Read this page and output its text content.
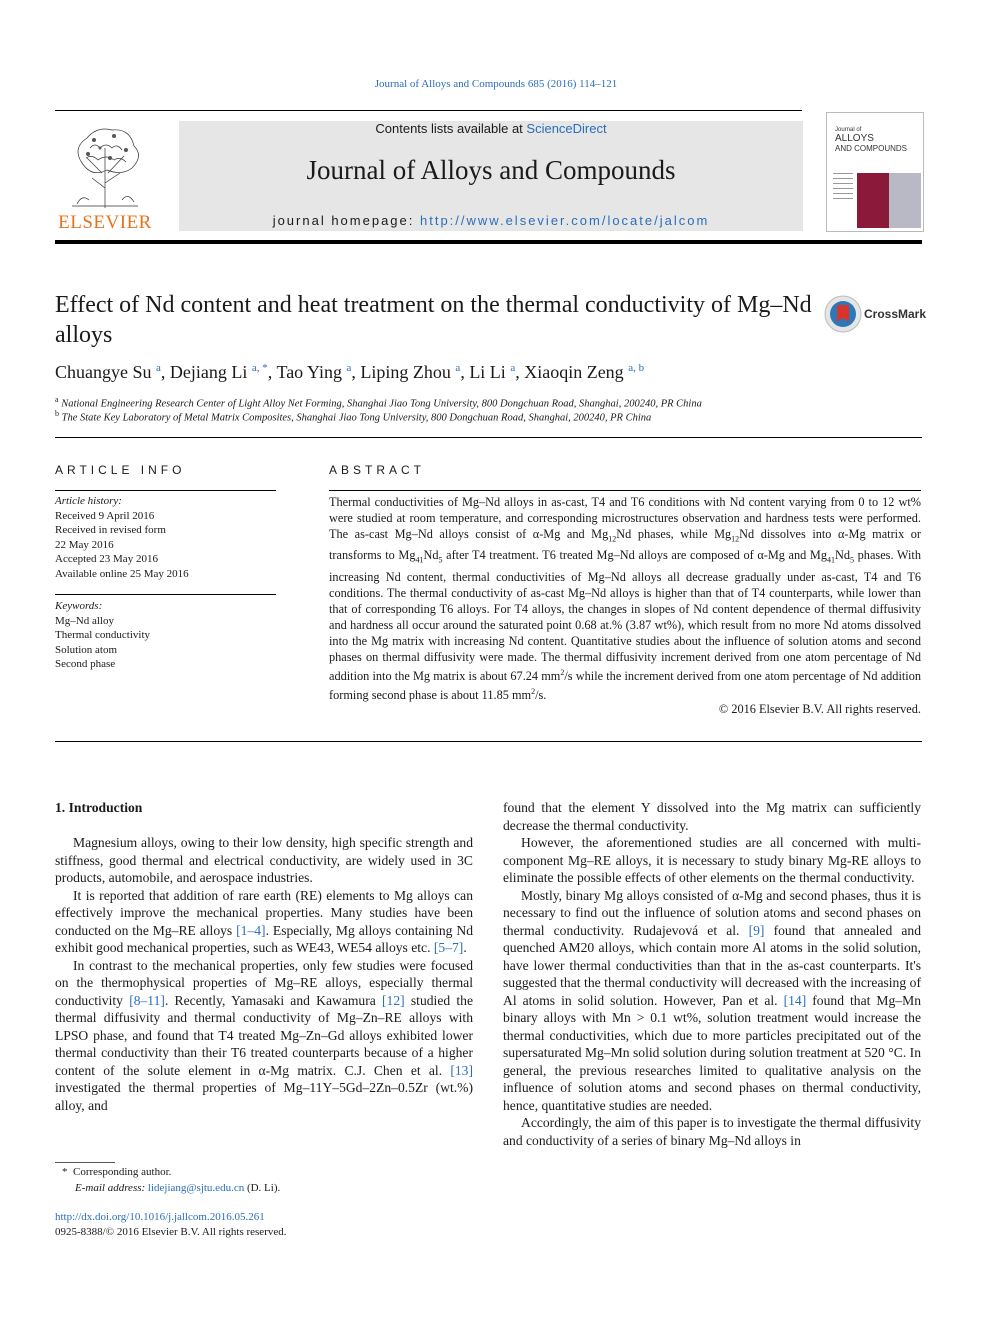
Journal of Alloys and Compounds 685 (2016) 114–121
ELSEVIER
Contents lists available at ScienceDirect
Journal of Alloys and Compounds
journal homepage: http://www.elsevier.com/locate/jalcom
Journal of
ALLOYS
AND COMPOUNDS
Effect of Nd content and heat treatment on the thermal conductivity of Mg–Nd alloys
CrossMark
Chuangye Su $^a$, Dejiang Li $^{a, *}$, Tao Ying $^a$, Liping Zhou $^a$, Li Li $^a$, Xiaoqin Zeng $^{a, b}$
$^a$ National Engineering Research Center of Light Alloy Net Forming, Shanghai Jiao Tong University, 800 Dongchuan Road, Shanghai, 200240, PR China
$^b$ The State Key Laboratory of Metal Matrix Composites, Shanghai Jiao Tong University, 800 Dongchuan Road, Shanghai, 200240, PR China
ARTICLE INFO
Article history:
Received 9 April 2016
Received in revised form
22 May 2016
Accepted 23 May 2016
Available online 25 May 2016
Keywords:
Mg–Nd alloy
Thermal conductivity
Solution atom
Second phase
ABSTRACT
Thermal conductivities of Mg–Nd alloys in as-cast, T4 and T6 conditions with Nd content varying from 0 to 12 wt% were studied at room temperature, and corresponding microstructures observation and hardness tests were performed. The as-cast Mg–Nd alloys consist of α-Mg and $Mg_{12}Nd$ phases, while $Mg_{12}Nd$ dissolves into α-Mg matrix or transforms to $Mg_{41}Nd_5$ after T4 treatment. T6 treated Mg–Nd alloys are composed of α-Mg and $Mg_{41}Nd_5$ phases. With increasing Nd content, thermal conductivities of Mg–Nd alloys all decrease gradually under as-cast, T4 and T6 conditions. The thermal conductivity of as-cast Mg–Nd alloys is higher than that of T4 counterparts, while lower than that of corresponding T6 alloys. For T4 alloys, the changes in slopes of Nd content dependence of thermal diffusivity and hardness all occur around the saturated point 0.68 at.% (3.87 wt%), which result from no more Nd atoms dissolved into the Mg matrix with increasing Nd content. Quantitative studies about the influence of solution atoms and second phases on thermal diffusivity were made. The thermal diffusivity increment derived from one atom percentage of Nd addition into the Mg matrix is about 67.24 $mm^2/s$ while the increment derived from one atom percentage of Nd addition forming second phase is about 11.85 $mm^2/s$.
© 2016 Elsevier B.V. All rights reserved.
1. Introduction

Magnesium alloys, owing to their low density, high specific strength and stiffness, good thermal and electrical conductivity, are widely used in 3C products, automobile, and aerospace industries.

It is reported that addition of rare earth (RE) elements to Mg alloys can effectively improve the mechanical properties. Many studies have been conducted on the Mg–RE alloys [1–4]. Especially, Mg alloys containing Nd exhibit good mechanical properties, such as WE43, WE54 alloys etc. [5–7].

In contrast to the mechanical properties, only few studies were focused on the thermophysical properties of Mg–RE alloys, especially thermal conductivity [8–11]. Recently, Yamasaki and Kawamura [12] studied the thermal diffusivity and thermal conductivity of Mg–Zn–RE alloys with LPSO phase, and found that T4 treated Mg–Zn–Gd alloys exhibited lower thermal conductivity than their T6 treated counterparts because of a higher content of the solute element in α-Mg matrix. C.J. Chen et al. [13] investigated the thermal properties of Mg–11Y–5Gd–2Zn–0.5Zr (wt.%) alloy, and

found that the element Y dissolved into the Mg matrix can sufficiently decrease the thermal conductivity.

However, the aforementioned studies are all concerned with multi-component Mg–RE alloys, it is necessary to study binary Mg-RE alloys to eliminate the possible effects of other elements on the thermal conductivity.

Mostly, binary Mg alloys consisted of α-Mg and second phases, thus it is necessary to find out the influence of solution atoms and second phases on thermal conductivity. Rudajevová et al. [9] found that annealed and quenched AM20 alloys, which contain more Al atoms in the solid solution, have lower thermal conductivities than that in the as-cast counterparts. It's suggested that the thermal conductivity will decreased with the increasing of Al atoms in solid solution. However, Pan et al. [14] found that Mg–Mn binary alloys with Mn > 0.1 wt%, solution treatment would increase the thermal conductivities, which due to more particles precipitated out of the supersaturated Mg–Mn solid solution during solution treatment at 520 °C. In general, the previous researches limited to qualitative analysis on the influence of solution atoms and second phases on thermal conductivity, hence, quantitative studies are needed.

Accordingly, the aim of this paper is to investigate the thermal diffusivity and conductivity of a series of binary Mg–Nd alloys in

* Corresponding author.
E-mail address: lidejiang@sjtu.edu.cn (D. Li).
http://dx.doi.org/10.1016/j.jallcom.2016.05.261
0925-8388/© 2016 Elsevier B.V. All rights reserved.
